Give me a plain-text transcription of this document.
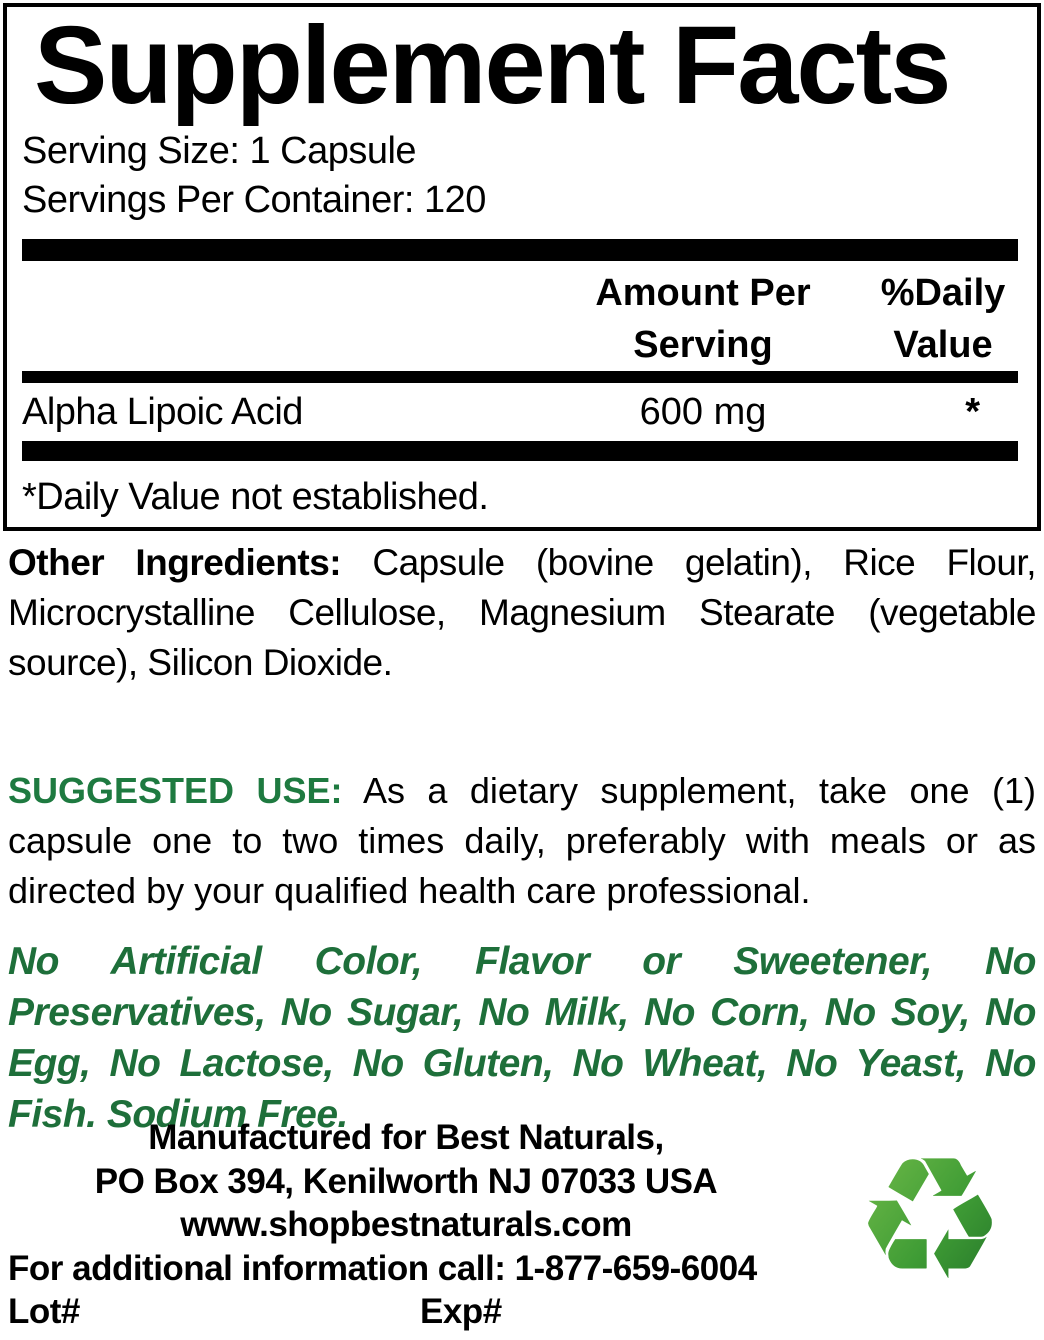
Supplement Facts
Serving Size: 1 Capsule
Servings Per Container: 120
Amount Per
Serving
%Daily
Value
Alpha Lipoic Acid	600 mg	*
*Daily Value not established.

Other Ingredients: Capsule (bovine gelatin), Rice Flour, Microcrystalline Cellulose, Magnesium Stearate (vegetable source), Silicon Dioxide.

SUGGESTED USE: As a dietary supplement, take one (1) capsule one to two times daily, preferably with meals or as directed by your qualified health care professional.

No Artificial Color, Flavor or Sweetener, No Preservatives, No Sugar, No Milk, No Corn, No Soy, No Egg, No Lactose, No Gluten, No Wheat, No Yeast, No Fish. Sodium Free.

Manufactured for Best Naturals,
PO Box 394, Kenilworth NJ 07033 USA
www.shopbestnaturals.com
For additional information call: 1-877-659-6004
Lot#	Exp# ♻
